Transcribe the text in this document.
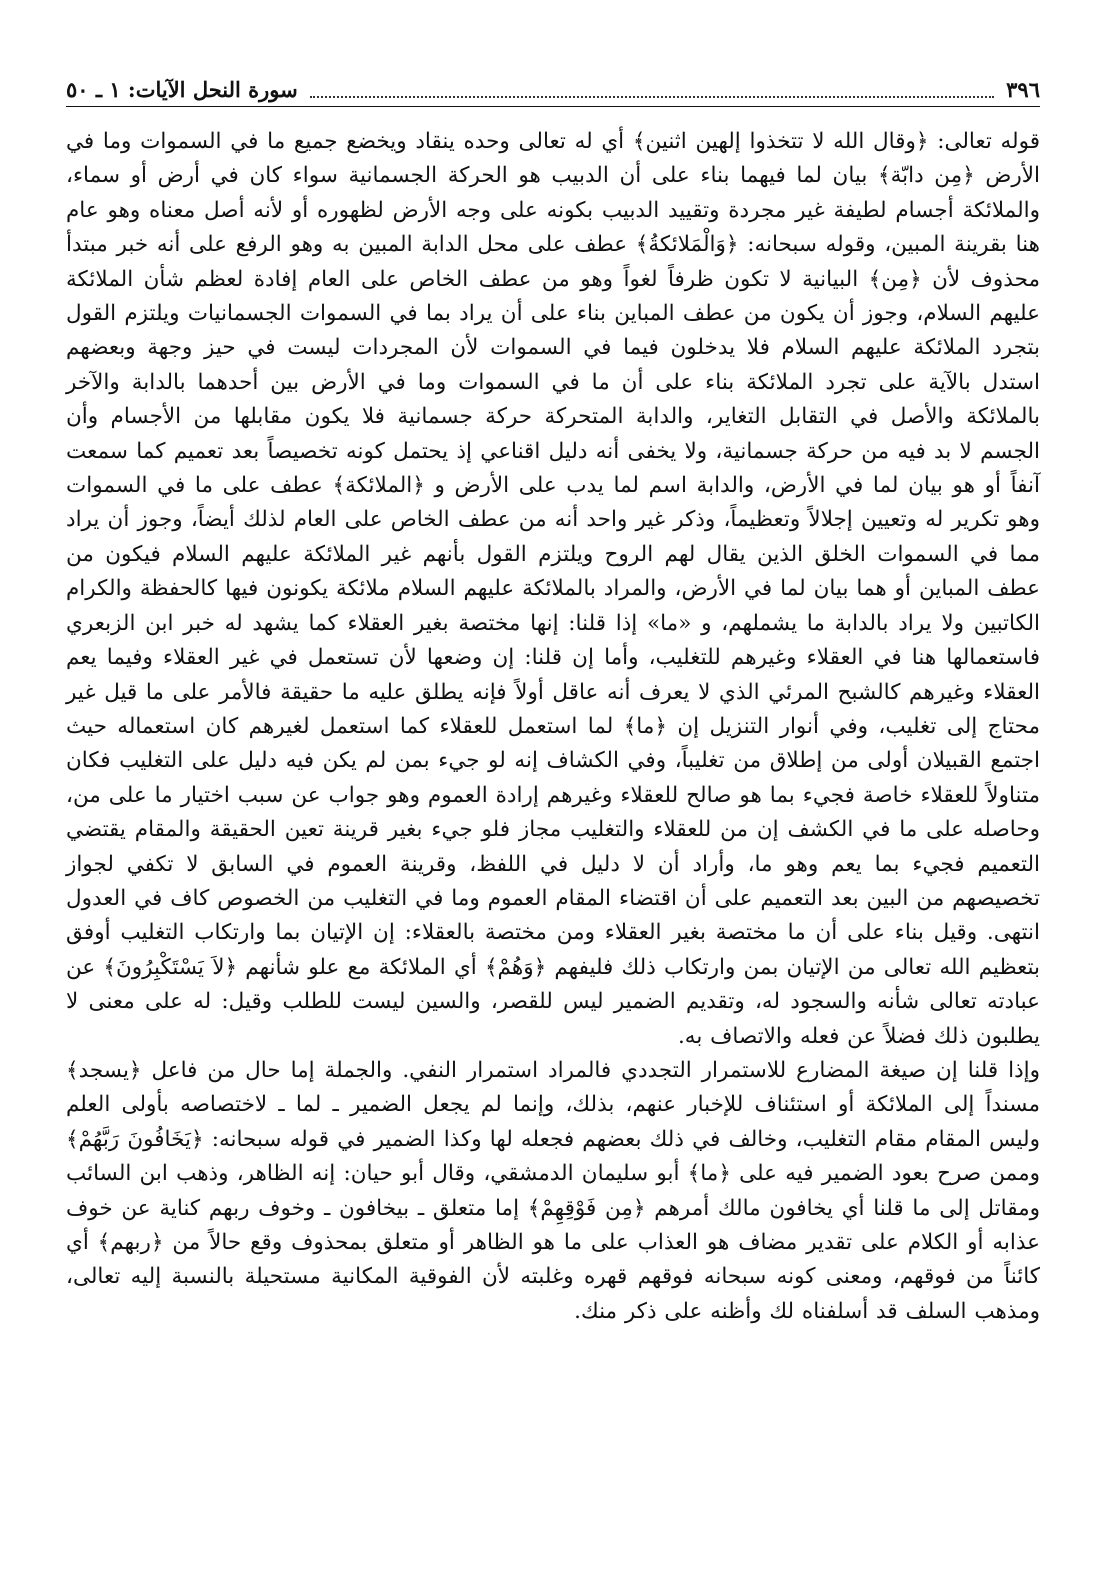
٣٩٦
سورة النحل الآيات: ١ ـ ٥٠
قوله تعالى: ﴿وقال الله لا تتخذوا إلهين اثنين﴾ أي له تعالى وحده ينقاد ويخضع جميع ما في السموات وما في الأرض ﴿مِن دابّة﴾ بيان لما فيهما بناء على أن الدبيب هو الحركة الجسمانية سواء كان في أرض أو سماء، والملائكة أجسام لطيفة غير مجردة وتقييد الدبيب بكونه على وجه الأرض لظهوره أو لأنه أصل معناه وهو عام هنا بقرينة المبين، وقوله سبحانه: ﴿وَالْمَلائكةُ﴾ عطف على محل الدابة المبين به وهو الرفع على أنه خبر مبتدأ محذوف لأن ﴿مِن﴾ البيانية لا تكون ظرفاً لغواً وهو من عطف الخاص على العام إفادة لعظم شأن الملائكة عليهم السلام، وجوز أن يكون من عطف المباين بناء على أن يراد بما في السموات الجسمانيات ويلتزم القول بتجرد الملائكة عليهم السلام فلا يدخلون فيما في السموات لأن المجردات ليست في حيز وجهة وبعضهم استدل بالآية على تجرد الملائكة بناء على أن ما في السموات وما في الأرض بين أحدهما بالدابة والآخر بالملائكة والأصل في التقابل التغاير، والدابة المتحركة حركة جسمانية فلا يكون مقابلها من الأجسام وأن الجسم لا بد فيه من حركة جسمانية، ولا يخفى أنه دليل اقناعي إذ يحتمل كونه تخصيصاً بعد تعميم كما سمعت آنفاً أو هو بيان لما في الأرض، والدابة اسم لما يدب على الأرض و ﴿الملائكة﴾ عطف على ما في السموات وهو تكرير له وتعيين إجلالاً وتعظيماً، وذكر غير واحد أنه من عطف الخاص على العام لذلك أيضاً، وجوز أن يراد مما في السموات الخلق الذين يقال لهم الروح ويلتزم القول بأنهم غير الملائكة عليهم السلام فيكون من عطف المباين أو هما بيان لما في الأرض، والمراد بالملائكة عليهم السلام ملائكة يكونون فيها كالحفظة والكرام الكاتبين ولا يراد بالدابة ما يشملهم، و «ما» إذا قلنا: إنها مختصة بغير العقلاء كما يشهد له خبر ابن الزبعري فاستعمالها هنا في العقلاء وغيرهم للتغليب، وأما إن قلنا: إن وضعها لأن تستعمل في غير العقلاء وفيما يعم العقلاء وغيرهم كالشبح المرئي الذي لا يعرف أنه عاقل أولاً فإنه يطلق عليه ما حقيقة فالأمر على ما قيل غير محتاج إلى تغليب، وفي أنوار التنزيل إن ﴿ما﴾ لما استعمل للعقلاء كما استعمل لغيرهم كان استعماله حيث اجتمع القبيلان أولى من إطلاق من تغليباً، وفي الكشاف إنه لو جيء بمن لم يكن فيه دليل على التغليب فكان متناولاً للعقلاء خاصة فجيء بما هو صالح للعقلاء وغيرهم إرادة العموم وهو جواب عن سبب اختيار ما على من، وحاصله على ما في الكشف إن من للعقلاء والتغليب مجاز فلو جيء بغير قرينة تعين الحقيقة والمقام يقتضي التعميم فجيء بما يعم وهو ما، وأراد أن لا دليل في اللفظ، وقرينة العموم في السابق لا تكفي لجواز تخصيصهم من البين بعد التعميم على أن اقتضاء المقام العموم وما في التغليب من الخصوص كاف في العدول انتهى. وقيل بناء على أن ما مختصة بغير العقلاء ومن مختصة بالعقلاء: إن الإتيان بما وارتكاب التغليب أوفق بتعظيم الله تعالى من الإتيان بمن وارتكاب ذلك فليفهم ﴿وَهُمْ﴾ أي الملائكة مع علو شأنهم ﴿لاَ يَسْتَكْبِرُونَ﴾ عن عبادته تعالى شأنه والسجود له، وتقديم الضمير ليس للقصر، والسين ليست للطلب وقيل: له على معنى لا يطلبون ذلك فضلاً عن فعله والاتصاف به.
وإذا قلنا إن صيغة المضارع للاستمرار التجددي فالمراد استمرار النفي. والجملة إما حال من فاعل ﴿يسجد﴾ مسنداً إلى الملائكة أو استئناف للإخبار عنهم، بذلك، وإنما لم يجعل الضمير ـ لما ـ لاختصاصه بأولى العلم وليس المقام مقام التغليب، وخالف في ذلك بعضهم فجعله لها وكذا الضمير في قوله سبحانه: ﴿يَخَافُونَ رَبَّهُمْ﴾ وممن صرح بعود الضمير فيه على ﴿ما﴾ أبو سليمان الدمشقي، وقال أبو حيان: إنه الظاهر، وذهب ابن السائب ومقاتل إلى ما قلنا أي يخافون مالك أمرهم ﴿مِن فَوْقِهِمْ﴾ إما متعلق ـ بيخافون ـ وخوف ربهم كناية عن خوف عذابه أو الكلام على تقدير مضاف هو العذاب على ما هو الظاهر أو متعلق بمحذوف وقع حالاً من ﴿ربهم﴾ أي كائناً من فوقهم، ومعنى كونه سبحانه فوقهم قهره وغلبته لأن الفوقية المكانية مستحيلة بالنسبة إليه تعالى، ومذهب السلف قد أسلفناه لك وأظنه على ذكر منك.
